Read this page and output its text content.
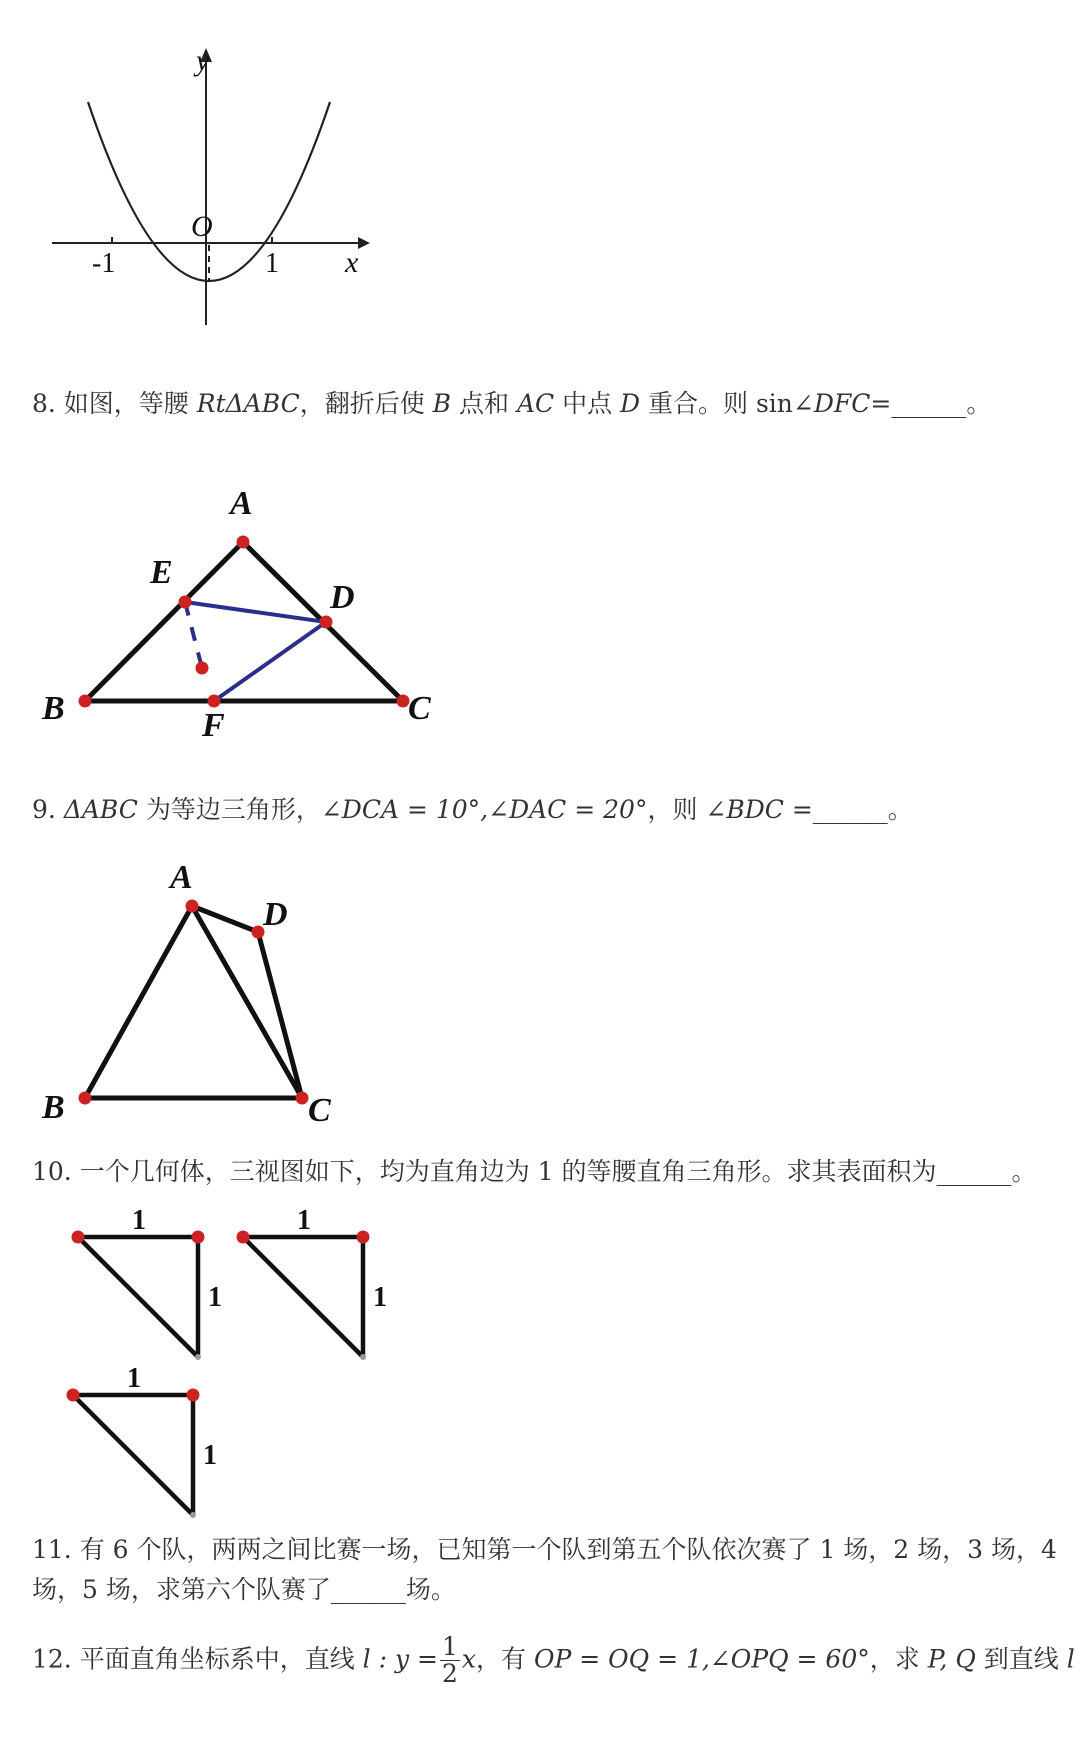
y
x
O
-1	1
8. 如图，等腰 RtΔABC，翻折后使 B 点和 AC 中点 D 重合。则 sin∠DFC=______。
A
E
D
B	F	C
9. ΔABC 为等边三角形，∠DCA = 10°,∠DAC = 20°，则 ∠BDC =______。
A
D
B	C
10. 一个几何体，三视图如下，均为直角边为 1 的等腰直角三角形。求其表面积为______。
1
1
1
1
1
1
11. 有 6 个队，两两之间比赛一场，已知第一个队到第五个队依次赛了 1 场，2 场，3 场，4
场，5 场，求第六个队赛了______场。
12. 平面直角坐标系中，直线 l : $y = \frac{1}{2}$ x，有 OP = OQ = 1,∠OPQ = 60°，求 P, Q 到直线 l
